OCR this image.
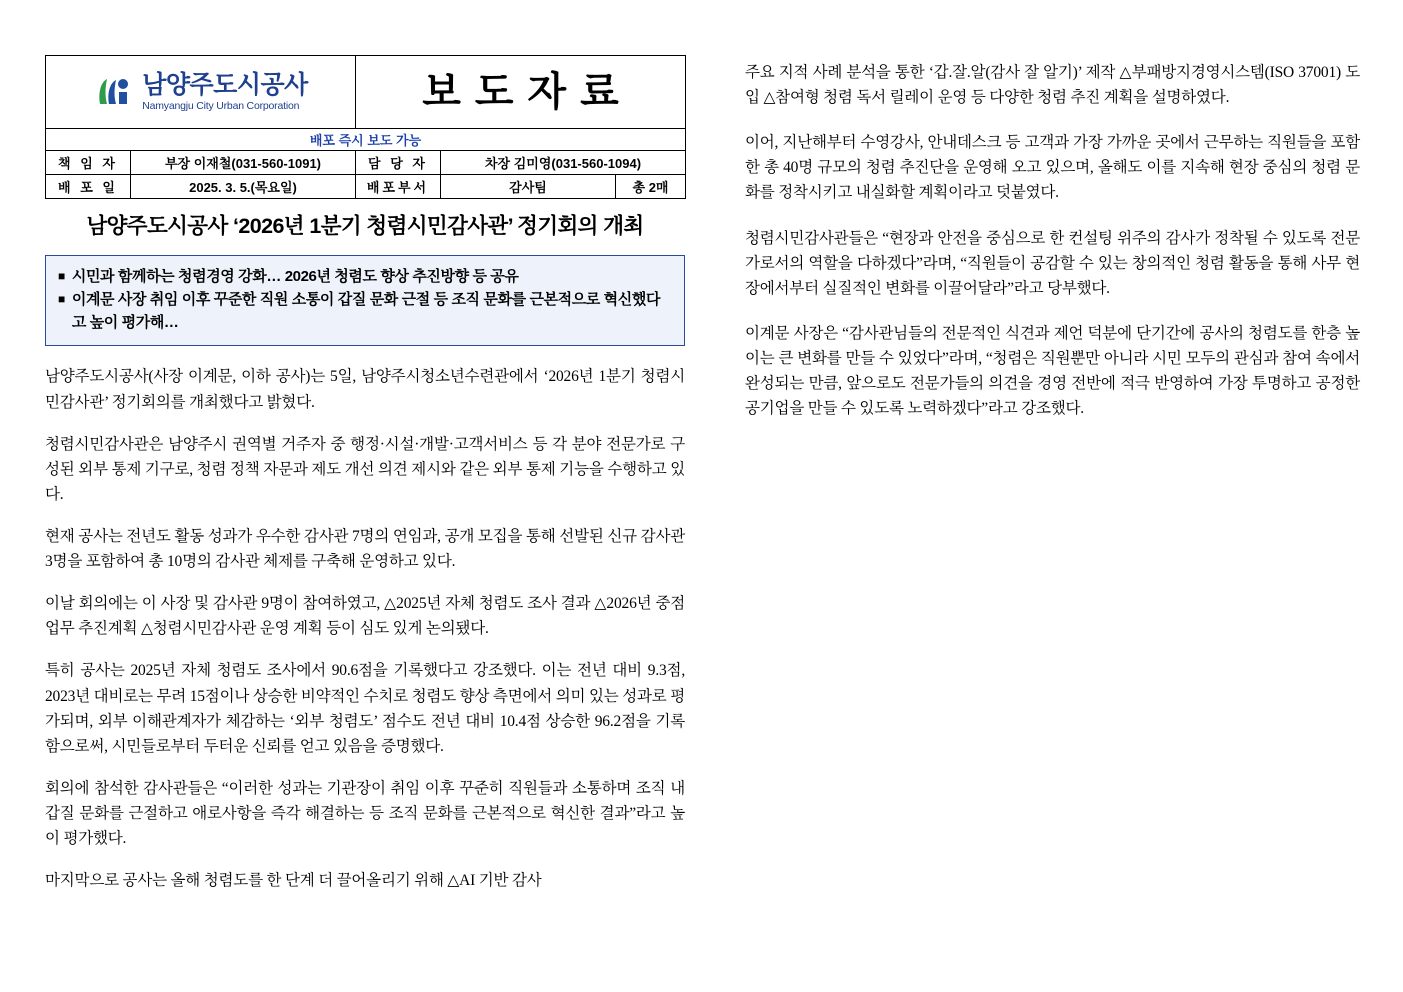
남양주도시공사
Namyangju City Urban Corporation	보도자료

배포 즉시 보도 가능				
책 임 자	부장 이재철(031-560-1091)	담 당 자	차장 김미영(031-560-1094)	
배 포 일	2025. 3. 5.(목요일)	배포부서	감사팀	총 2매
남양주도시공사 ‘2026년 1분기 청렴시민감사관’ 정기회의 개최
■ 시민과 함께하는 청렴경영 강화… 2026년 청렴도 향상 추진방향 등 공유
■ 이계문 사장 취임 이후 꾸준한 직원 소통이 갑질 문화 근절 등 조직 문화를 근본적으로 혁신했다고 높이 평가해…

남양주도시공사(사장 이계문, 이하 공사)는 5일, 남양주시청소년수련관에서 ‘2026년 1분기 청렴시민감사관’ 정기회의를 개최했다고 밝혔다.

청렴시민감사관은 남양주시 권역별 거주자 중 행정·시설·개발·고객서비스 등 각 분야 전문가로 구성된 외부 통제 기구로, 청렴 정책 자문과 제도 개선 의견 제시와 같은 외부 통제 기능을 수행하고 있다.

현재 공사는 전년도 활동 성과가 우수한 감사관 7명의 연임과, 공개 모집을 통해 선발된 신규 감사관 3명을 포함하여 총 10명의 감사관 체제를 구축해 운영하고 있다.

이날 회의에는 이 사장 및 감사관 9명이 참여하였고, △2025년 자체 청렴도 조사 결과 △2026년 중점 업무 추진계획 △청렴시민감사관 운영 계획 등이 심도 있게 논의됐다.

특히 공사는 2025년 자체 청렴도 조사에서 90.6점을 기록했다고 강조했다. 이는 전년 대비 9.3점, 2023년 대비로는 무려 15점이나 상승한 비약적인 수치로 청렴도 향상 측면에서 의미 있는 성과로 평가되며, 외부 이해관계자가 체감하는 ‘외부 청렴도’ 점수도 전년 대비 10.4점 상승한 96.2점을 기록함으로써, 시민들로부터 두터운 신뢰를 얻고 있음을 증명했다.

회의에 참석한 감사관들은 “이러한 성과는 기관장이 취임 이후 꾸준히 직원들과 소통하며 조직 내 갑질 문화를 근절하고 애로사항을 즉각 해결하는 등 조직 문화를 근본적으로 혁신한 결과”라고 높이 평가했다.

마지막으로 공사는 올해 청렴도를 한 단계 더 끌어올리기 위해 △AI 기반 감사

주요 지적 사례 분석을 통한 ‘갑.잘.알(감사 잘 알기)’ 제작 △부패방지경영시스템(ISO 37001) 도입 △참여형 청렴 독서 릴레이 운영 등 다양한 청렴 추진 계획을 설명하였다.

이어, 지난해부터 수영강사, 안내데스크 등 고객과 가장 가까운 곳에서 근무하는 직원들을 포함한 총 40명 규모의 청렴 추진단을 운영해 오고 있으며, 올해도 이를 지속해 현장 중심의 청렴 문화를 정착시키고 내실화할 계획이라고 덧붙였다.

청렴시민감사관들은 “현장과 안전을 중심으로 한 컨설팅 위주의 감사가 정착될 수 있도록 전문가로서의 역할을 다하겠다”라며, “직원들이 공감할 수 있는 창의적인 청렴 활동을 통해 사무 현장에서부터 실질적인 변화를 이끌어달라”라고 당부했다.

이계문 사장은 “감사관님들의 전문적인 식견과 제언 덕분에 단기간에 공사의 청렴도를 한층 높이는 큰 변화를 만들 수 있었다”라며, “청렴은 직원뿐만 아니라 시민 모두의 관심과 참여 속에서 완성되는 만큼, 앞으로도 전문가들의 의견을 경영 전반에 적극 반영하여 가장 투명하고 공정한 공기업을 만들 수 있도록 노력하겠다”라고 강조했다.
